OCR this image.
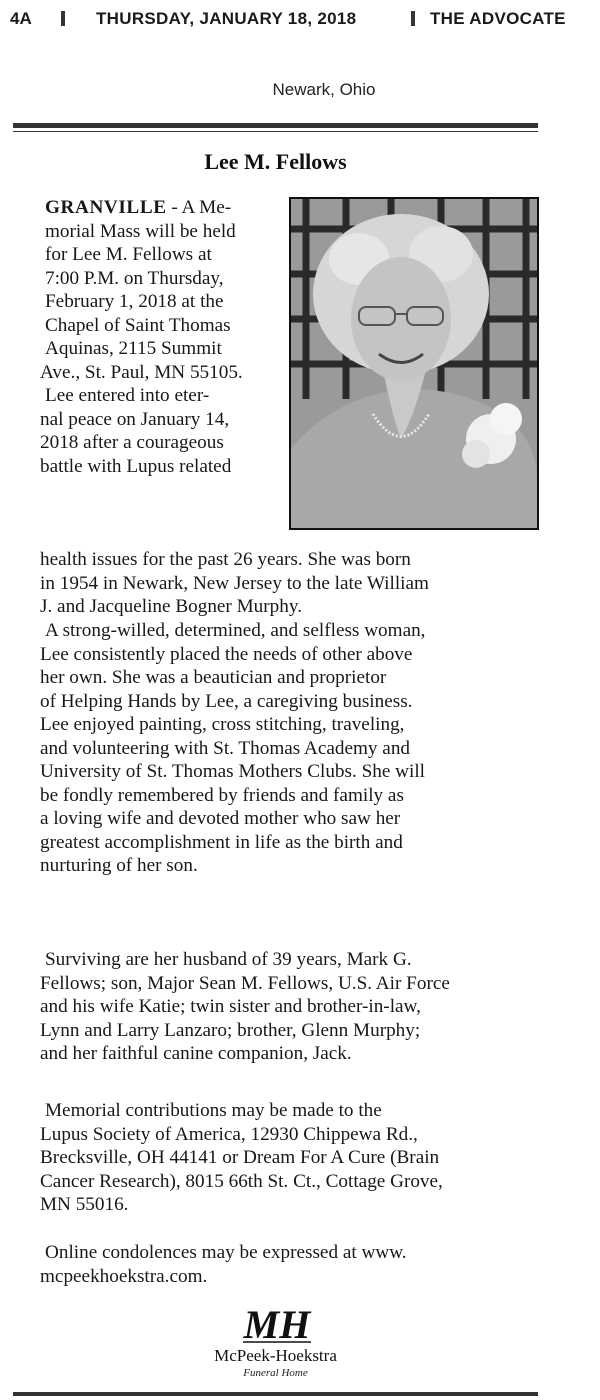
4A	THURSDAY, JANUARY 18, 2018	THE ADVOCATE
Newark, Ohio
Lee M. Fellows
GRANVILLE - A Me-
morial Mass will be held
for Lee M. Fellows at
7:00 P.M. on Thursday,
February 1, 2018 at the
Chapel of Saint Thomas
Aquinas, 2115 Summit
Ave., St. Paul, MN 55105.
Lee entered into eter-
nal peace on January 14,
2018 after a courageous
battle with Lupus related
health issues for the past 26 years. She was born
in 1954 in Newark, New Jersey to the late William
J. and Jacqueline Bogner Murphy.
A strong-willed, determined, and selfless woman,
Lee consistently placed the needs of other above
her own. She was a beautician and proprietor
of Helping Hands by Lee, a caregiving business.
Lee enjoyed painting, cross stitching, traveling,
and volunteering with St. Thomas Academy and
University of St. Thomas Mothers Clubs. She will
be fondly remembered by friends and family as
a loving wife and devoted mother who saw her
greatest accomplishment in life as the birth and
nurturing of her son.
Surviving are her husband of 39 years, Mark G.
Fellows; son, Major Sean M. Fellows, U.S. Air Force
and his wife Katie; twin sister and brother-in-law,
Lynn and Larry Lanzaro; brother, Glenn Murphy;
and her faithful canine companion, Jack.
Memorial contributions may be made to the
Lupus Society of America, 12930 Chippewa Rd.,
Brecksville, OH 44141 or Dream For A Cure (Brain
Cancer Research), 8015 66th St. Ct., Cottage Grove,
MN 55016.
Online condolences may be expressed at www.
mcpeekhoekstra.com.
MH
McPeek-Hoekstra
Funeral Home
